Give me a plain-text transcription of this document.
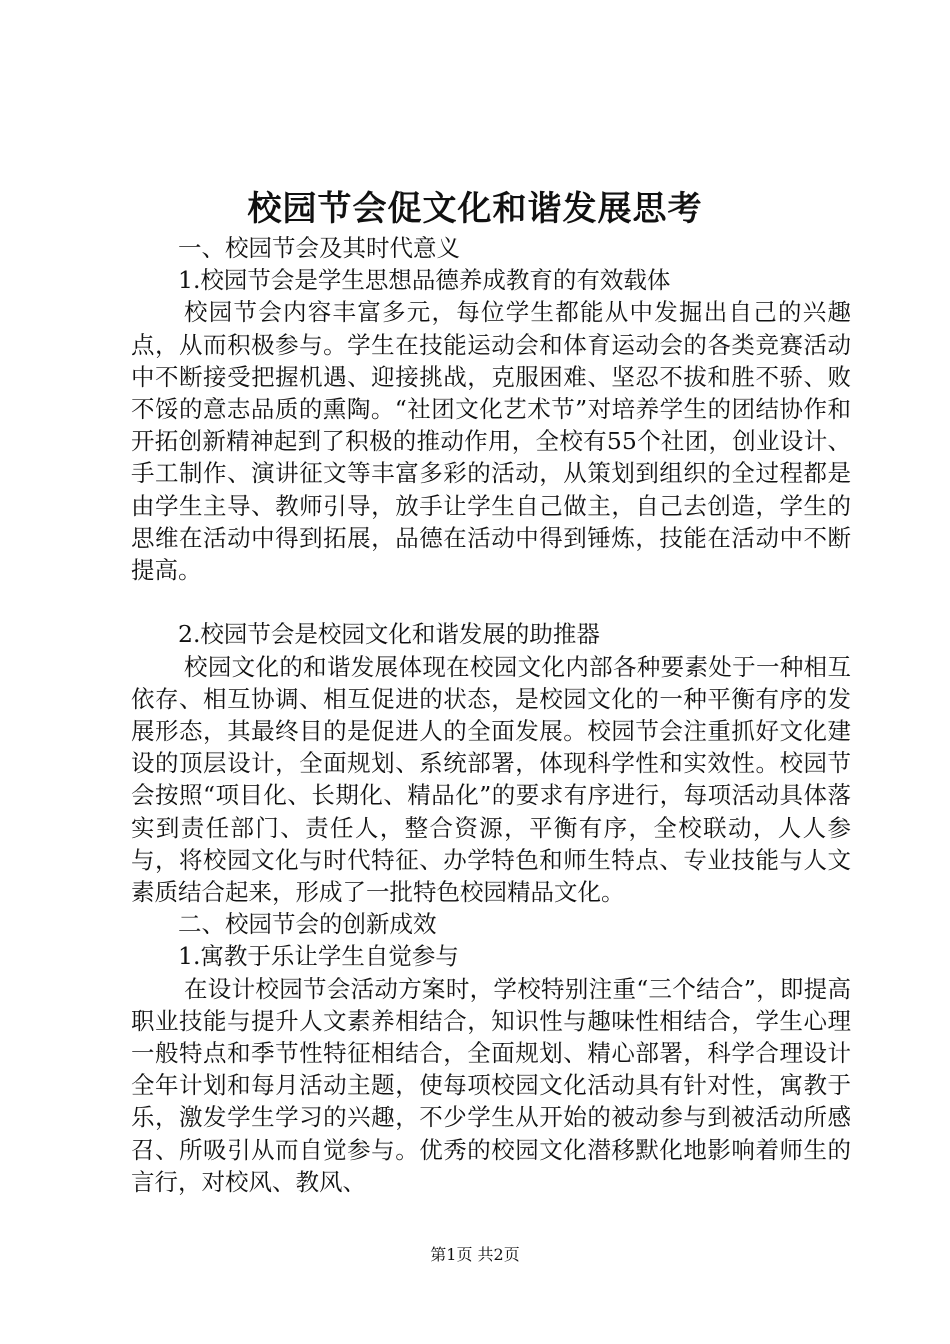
校园节会促文化和谐发展思考

一、校园节会及其时代意义

1.校园节会是学生思想品德养成教育的有效载体

校园节会内容丰富多元，每位学生都能从中发掘出自己的兴趣点，从而积极参与。学生在技能运动会和体育运动会的各类竞赛活动中不断接受把握机遇、迎接挑战，克服困难、坚忍不拔和胜不骄、败不馁的意志品质的熏陶。“社团文化艺术节”对培养学生的团结协作和开拓创新精神起到了积极的推动作用，全校有55个社团，创业设计、手工制作、演讲征文等丰富多彩的活动，从策划到组织的全过程都是由学生主导、教师引导，放手让学生自己做主，自己去创造，学生的思维在活动中得到拓展，品德在活动中得到锤炼，技能在活动中不断提高。

2.校园节会是校园文化和谐发展的助推器

校园文化的和谐发展体现在校园文化内部各种要素处于一种相互依存、相互协调、相互促进的状态，是校园文化的一种平衡有序的发展形态，其最终目的是促进人的全面发展。校园节会注重抓好文化建设的顶层设计，全面规划、系统部署，体现科学性和实效性。校园节会按照“项目化、长期化、精品化”的要求有序进行，每项活动具体落实到责任部门、责任人，整合资源，平衡有序，全校联动，人人参与，将校园文化与时代特征、办学特色和师生特点、专业技能与人文素质结合起来，形成了一批特色校园精品文化。

二、校园节会的创新成效

1.寓教于乐让学生自觉参与

在设计校园节会活动方案时，学校特别注重“三个结合”，即提高职业技能与提升人文素养相结合，知识性与趣味性相结合，学生心理一般特点和季节性特征相结合，全面规划、精心部署，科学合理设计全年计划和每月活动主题，使每项校园文化活动具有针对性，寓教于乐，激发学生学习的兴趣，不少学生从开始的被动参与到被活动所感召、所吸引从而自觉参与。优秀的校园文化潜移默化地影响着师生的言行，对校风、教风、

第1页 共2页
